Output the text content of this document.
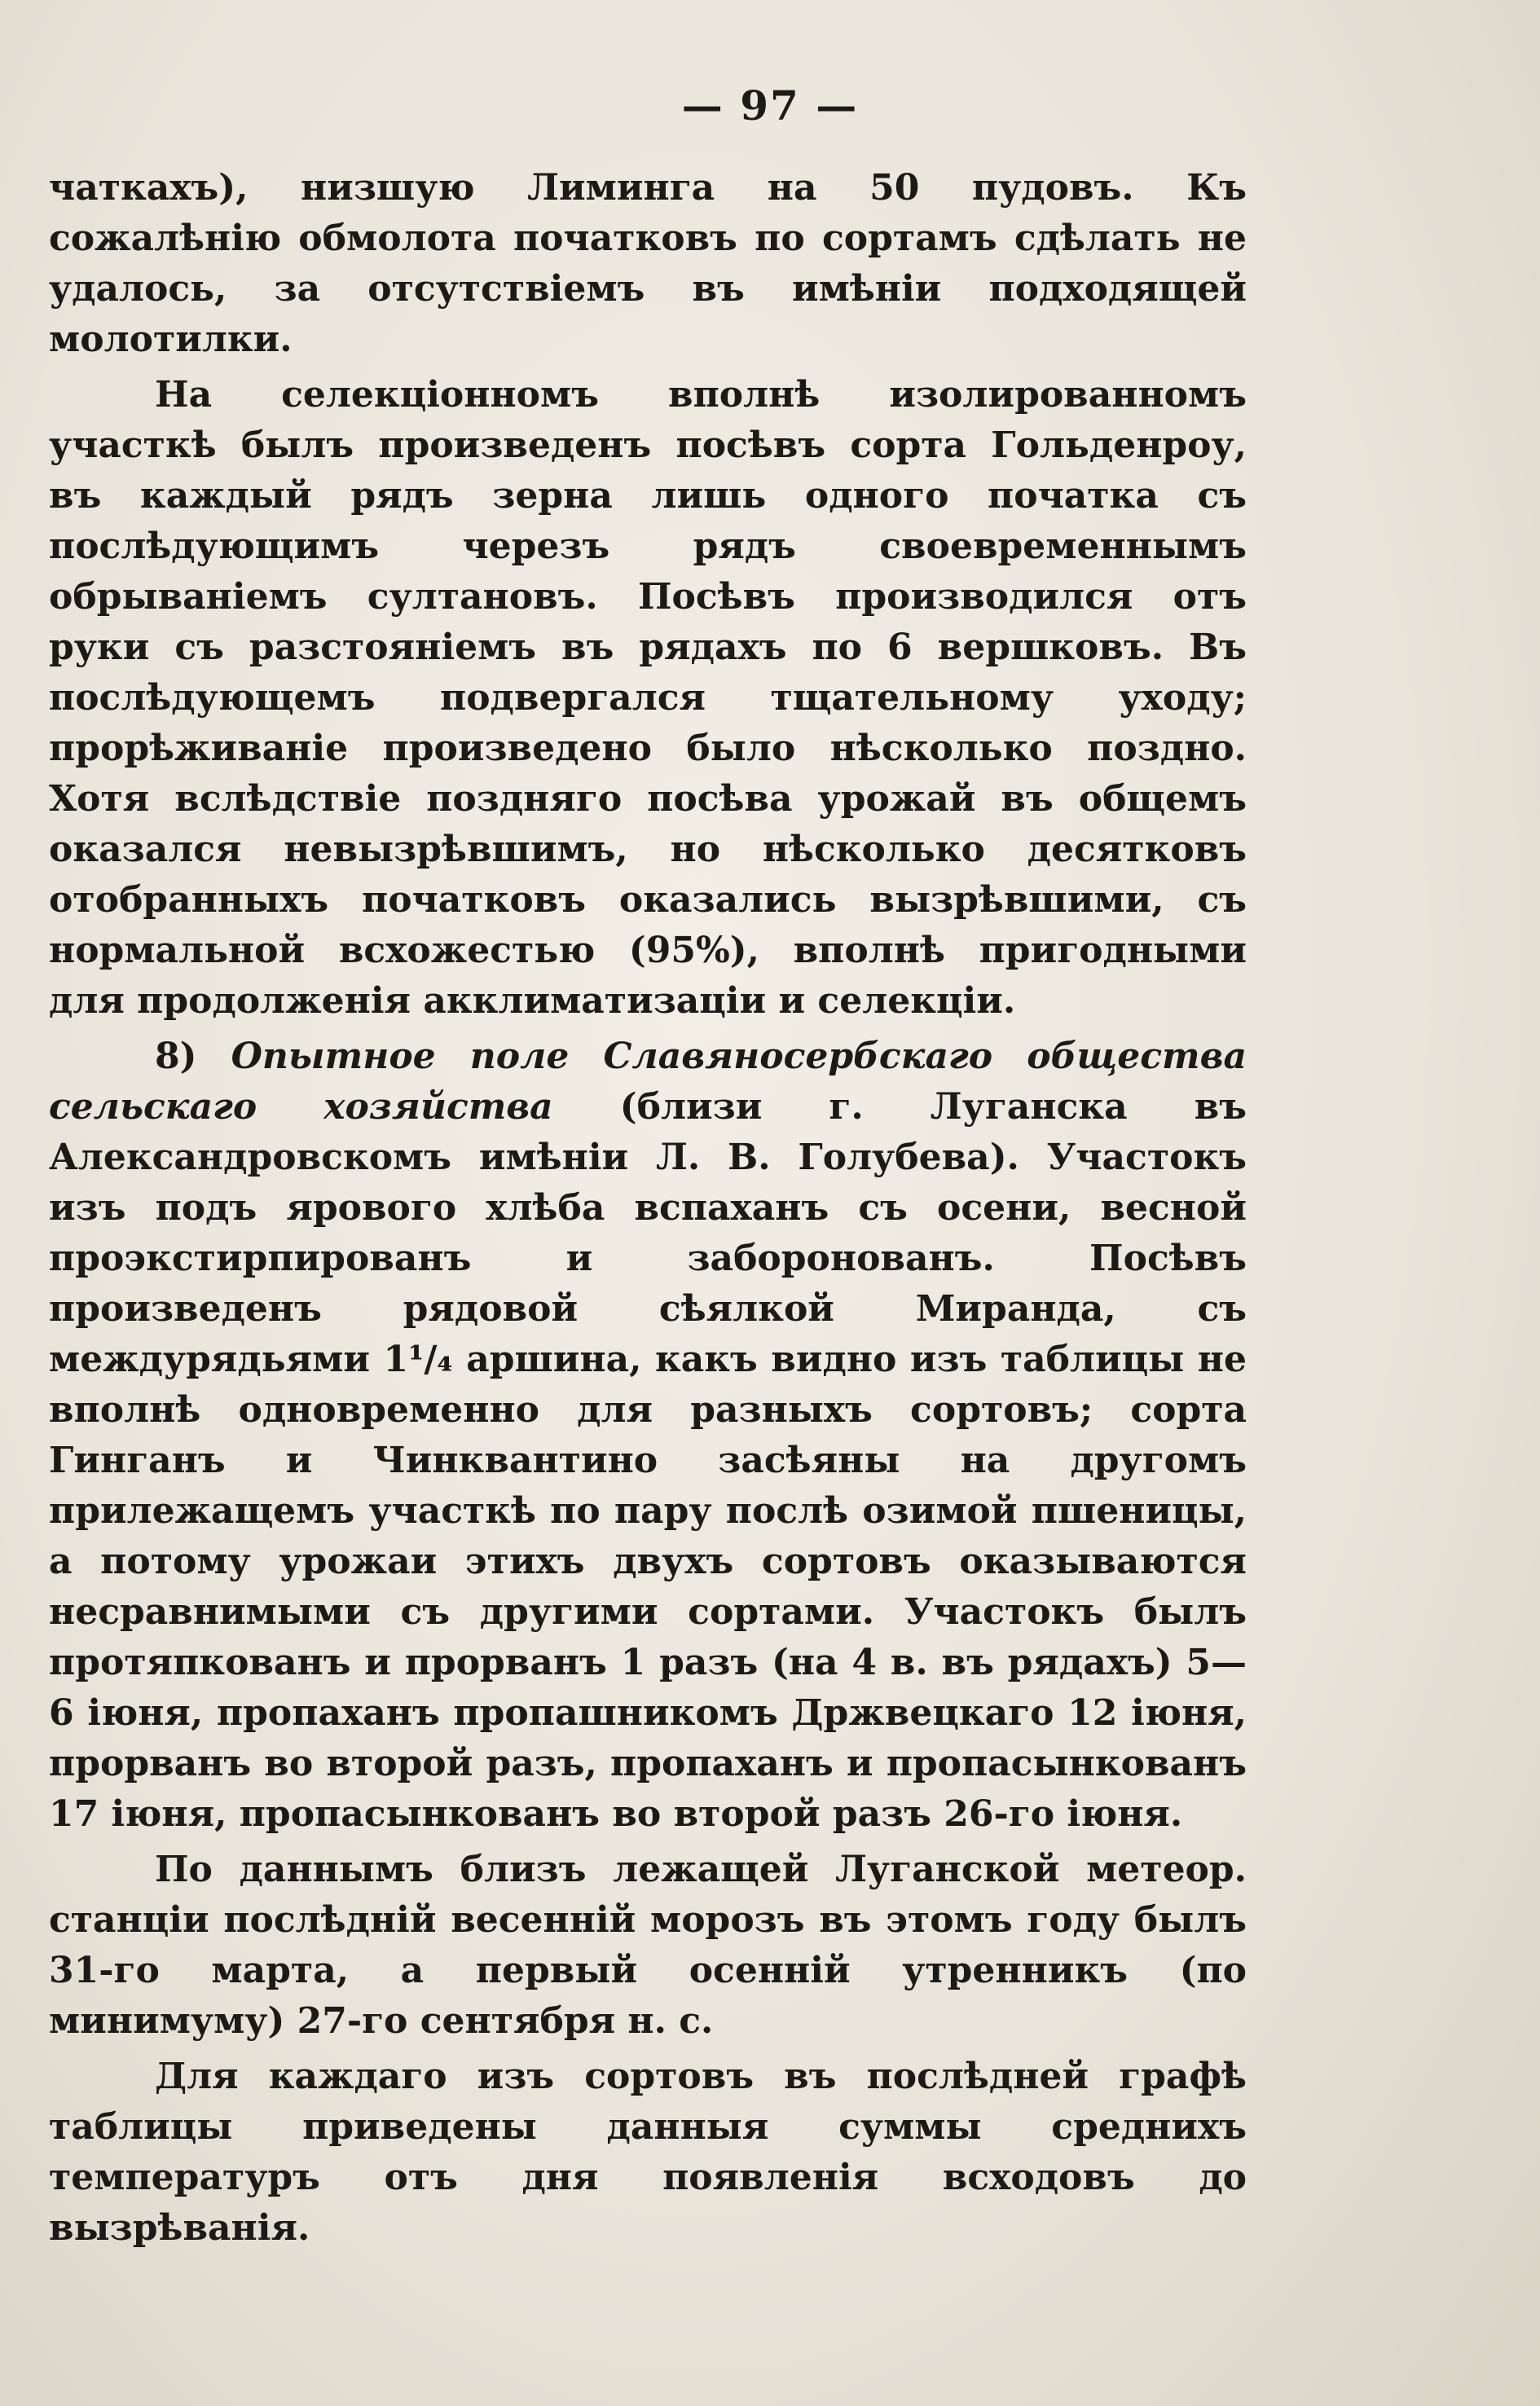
— 97 —

чаткахъ), низшую Лиминга на 50 пудовъ. Къ сожалѣнію обмолота початковъ по сортамъ сдѣлать не удалось, за отсутствіемъ въ имѣніи подходящей молотилки.

На селекціонномъ вполнѣ изолированномъ участкѣ былъ произведенъ посѣвъ сорта Гольденроу, въ каждый рядъ зерна лишь одного початка съ послѣдующимъ черезъ рядъ своевременнымъ обрываніемъ султановъ. Посѣвъ производился отъ руки съ разстояніемъ въ рядахъ по 6 вершковъ. Въ послѣдующемъ подвергался тщательному уходу; прорѣживаніе произведено было нѣсколько поздно. Хотя вслѣдствіе поздняго посѣва урожай въ общемъ оказался невызрѣвшимъ, но нѣсколько десятковъ отобранныхъ початковъ оказались вызрѣвшими, съ нормальной всхожестью (95%), вполнѣ пригодными для продолженія акклиматизаціи и селекціи.

8) Опытное поле Славяносербскаго общества сельскаго хозяйства (близи г. Луганска въ Александровскомъ имѣніи Л. В. Голубева). Участокъ изъ подъ ярового хлѣба вспаханъ съ осени, весной проэкстирпированъ и заборонованъ. Посѣвъ произведенъ рядовой сѣялкой Миранда, съ междурядьями 1¹/₄ аршина, какъ видно изъ таблицы не вполнѣ одновременно для разныхъ сортовъ; сорта Гинганъ и Чинквантино засѣяны на другомъ прилежащемъ участкѣ по пару послѣ озимой пшеницы, а потому урожаи этихъ двухъ сортовъ оказываются несравнимыми съ другими сортами. Участокъ былъ протяпкованъ и прорванъ 1 разъ (на 4 в. въ рядахъ) 5—6 іюня, пропаханъ пропашникомъ Држвецкаго 12 іюня, прорванъ во второй разъ, пропаханъ и пропасынкованъ 17 іюня, пропасынкованъ во второй разъ 26-го іюня.

По даннымъ близъ лежащей Луганской метеор. станціи послѣдній весенній морозъ въ этомъ году былъ 31-го марта, а первый осенній утренникъ (по минимуму) 27-го сентября н. с.

Для каждаго изъ сортовъ въ послѣдней графѣ таблицы приведены данныя суммы среднихъ температуръ отъ дня появленія всходовъ до вызрѣванія.
